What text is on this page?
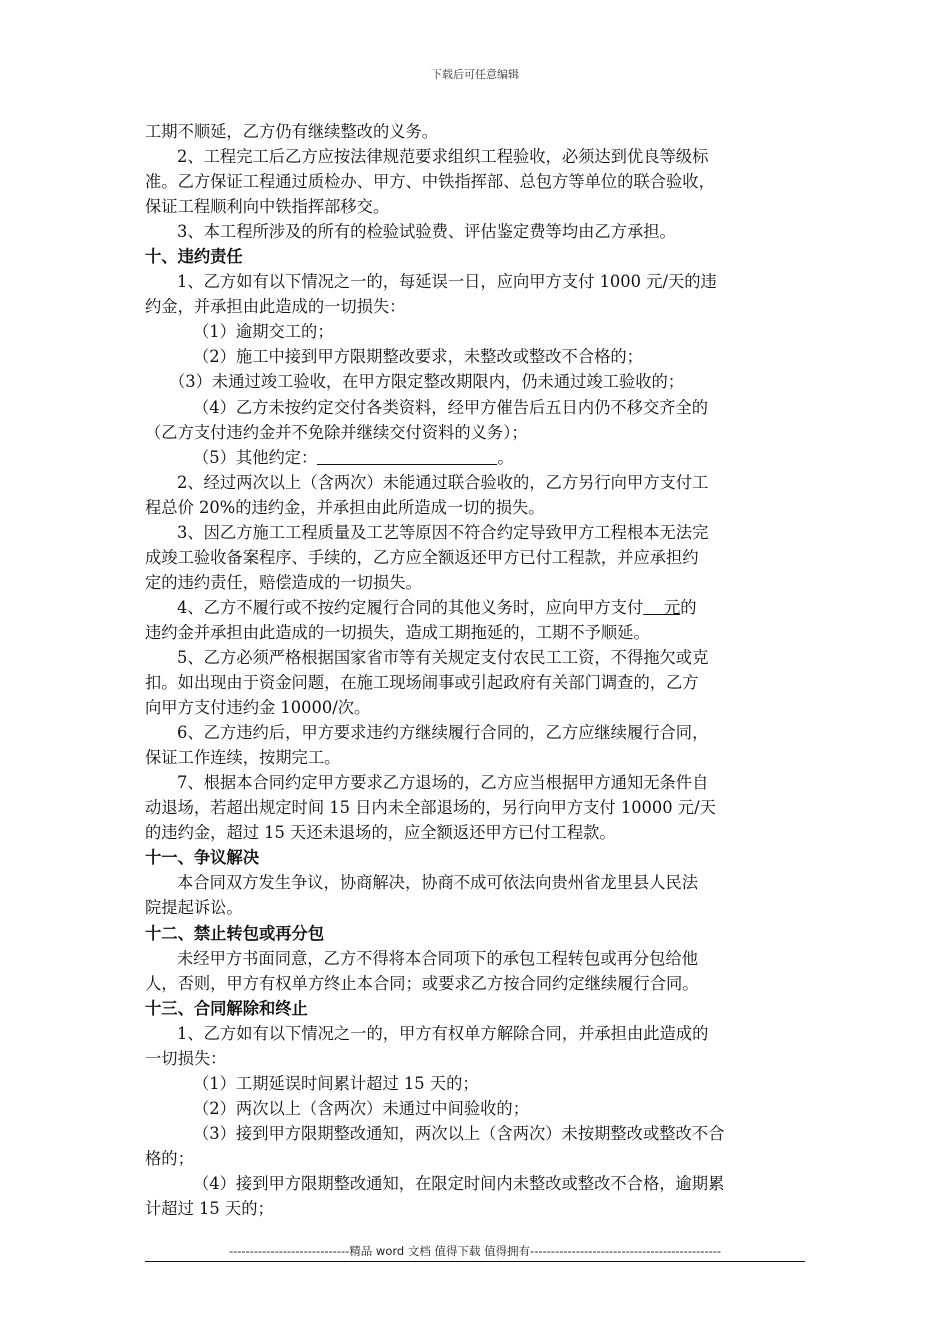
下载后可任意编辑
工期不顺延，乙方仍有继续整改的义务。
2、工程完工后乙方应按法律规范要求组织工程验收，必须达到优良等级标
准。乙方保证工程通过质检办、甲方、中铁指挥部、总包方等单位的联合验收，
保证工程顺利向中铁指挥部移交。
3、本工程所涉及的所有的检验试验费、评估鉴定费等均由乙方承担。
十、违约责任
1、乙方如有以下情况之一的，每延误一日，应向甲方支付 1000 元/天的违
约金，并承担由此造成的一切损失：
（1）逾期交工的；
（2）施工中接到甲方限期整改要求，未整改或整改不合格的；
（3）未通过竣工验收，在甲方限定整改期限内，仍未通过竣工验收的；
（4）乙方未按约定交付各类资料，经甲方催告后五日内仍不移交齐全的
（乙方支付违约金并不免除并继续交付资料的义务）；
（5）其他约定：	。
2、经过两次以上（含两次）未能通过联合验收的，乙方另行向甲方支付工
程总价 20%的违约金，并承担由此所造成一切的损失。
3、因乙方施工工程质量及工艺等原因不符合约定导致甲方工程根本无法完
成竣工验收备案程序、手续的，乙方应全额返还甲方已付工程款，并应承担约
定的违约责任，赔偿造成的一切损失。
4、乙方不履行或不按约定履行合同的其他义务时，应向甲方支付    元的
违约金并承担由此造成的一切损失，造成工期拖延的，工期不予顺延。
5、乙方必须严格根据国家省市等有关规定支付农民工工资，不得拖欠或克
扣。如出现由于资金问题，在施工现场闹事或引起政府有关部门调查的，乙方
向甲方支付违约金 10000/次。
6、乙方违约后，甲方要求违约方继续履行合同的，乙方应继续履行合同，
保证工作连续，按期完工。
7、根据本合同约定甲方要求乙方退场的，乙方应当根据甲方通知无条件自
动退场，若超出规定时间 15 日内未全部退场的，另行向甲方支付 10000 元/天
的违约金，超过 15 天还未退场的，应全额返还甲方已付工程款。
十一、争议解决
本合同双方发生争议，协商解决，协商不成可依法向贵州省龙里县人民法
院提起诉讼。
十二、禁止转包或再分包
未经甲方书面同意，乙方不得将本合同项下的承包工程转包或再分包给他
人，否则，甲方有权单方终止本合同；或要求乙方按合同约定继续履行合同。
十三、合同解除和终止
1、乙方如有以下情况之一的，甲方有权单方解除合同，并承担由此造成的
一切损失：
（1）工期延误时间累计超过 15 天的；
（2）两次以上（含两次）未通过中间验收的；
（3）接到甲方限期整改通知，两次以上（含两次）未按期整改或整改不合
格的；
（4）接到甲方限期整改通知，在限定时间内未整改或整改不合格，逾期累
计超过 15 天的；
-----------------------------精品 word 文档 值得下载 值得拥有----------------------------------------------
